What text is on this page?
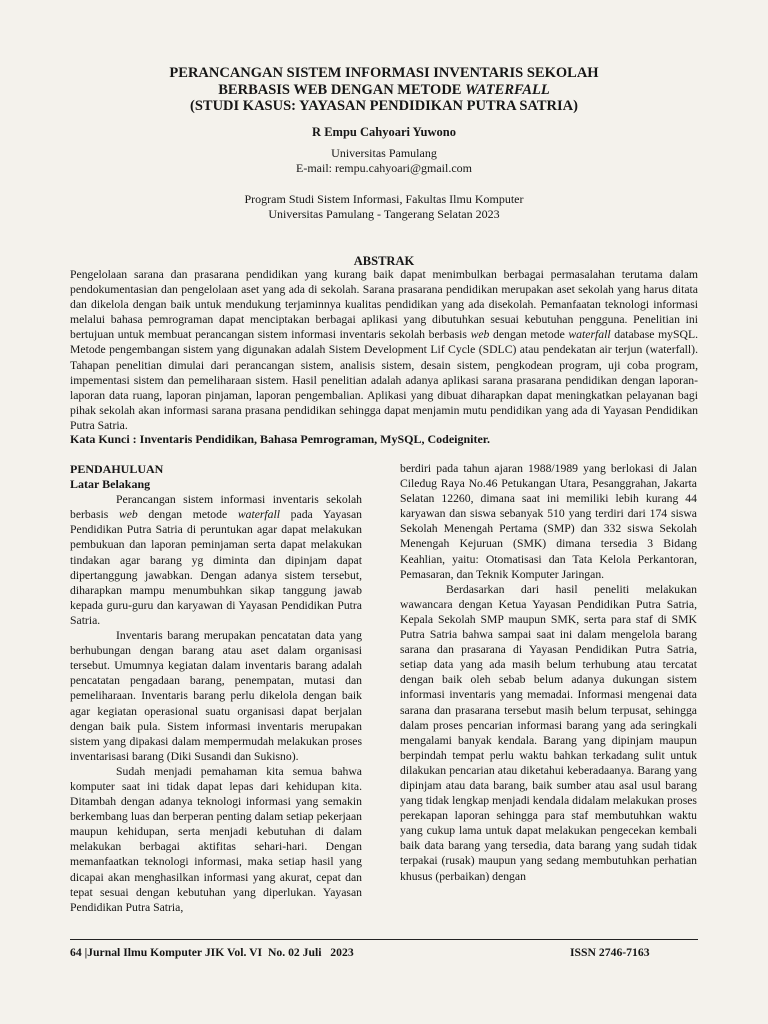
PERANCANGAN SISTEM INFORMASI INVENTARIS SEKOLAH
BERBASIS WEB DENGAN METODE WATERFALL
(STUDI KASUS: YAYASAN PENDIDIKAN PUTRA SATRIA)
R Empu Cahyoari Yuwono
Universitas Pamulang
E-mail: rempu.cahyoari@gmail.com
Program Studi Sistem Informasi, Fakultas Ilmu Komputer
Universitas Pamulang - Tangerang Selatan 2023
ABSTRAK
Pengelolaan sarana dan prasarana pendidikan yang kurang baik dapat menimbulkan berbagai permasalahan terutama dalam pendokumentasian dan pengelolaan aset yang ada di sekolah. Sarana prasarana pendidikan merupakan aset sekolah yang harus ditata dan dikelola dengan baik untuk mendukung terjaminnya kualitas pendidikan yang ada disekolah. Pemanfaatan teknologi informasi melalui bahasa pemrograman dapat menciptakan berbagai aplikasi yang dibutuhkan sesuai kebutuhan pengguna. Penelitian ini bertujuan untuk membuat perancangan sistem informasi inventaris sekolah berbasis web dengan metode waterfall database mySQL. Metode pengembangan sistem yang digunakan adalah Sistem Development Lif Cycle (SDLC) atau pendekatan air terjun (waterfall). Tahapan penelitian dimulai dari perancangan sistem, analisis sistem, desain sistem, pengkodean program, uji coba program, impementasi sistem dan pemeliharaan sistem. Hasil penelitian adalah adanya aplikasi sarana prasarana pendidikan dengan laporan-laporan data ruang, laporan pinjaman, laporan pengembalian. Aplikasi yang dibuat diharapkan dapat meningkatkan pelayanan bagi pihak sekolah akan informasi sarana prasana pendidikan sehingga dapat menjamin mutu pendidikan yang ada di Yayasan Pendidikan Putra Satria.
Kata Kunci : Inventaris Pendidikan, Bahasa Pemrograman, MySQL, Codeigniter.
PENDAHULUAN
Latar Belakang

Perancangan sistem informasi inventaris sekolah berbasis web dengan metode waterfall pada Yayasan Pendidikan Putra Satria di peruntukan agar dapat melakukan pembukuan dan laporan peminjaman serta dapat melakukan tindakan agar barang yg diminta dan dipinjam dapat dipertanggung jawabkan. Dengan adanya sistem tersebut, diharapkan mampu menumbuhkan sikap tanggung jawab kepada guru-guru dan karyawan di Yayasan Pendidikan Putra Satria.

Inventaris barang merupakan pencatatan data yang berhubungan dengan barang atau aset dalam organisasi tersebut. Umumnya kegiatan dalam inventaris barang adalah pencatatan pengadaan barang, penempatan, mutasi dan pemeliharaan. Inventaris barang perlu dikelola dengan baik agar kegiatan operasional suatu organisasi dapat berjalan dengan baik pula. Sistem informasi inventaris merupakan sistem yang dipakasi dalam mempermudah melakukan proses inventarisasi barang (Diki Susandi dan Sukisno).

Sudah menjadi pemahaman kita semua bahwa komputer saat ini tidak dapat lepas dari kehidupan kita. Ditambah dengan adanya teknologi informasi yang semakin berkembang luas dan berperan penting dalam setiap pekerjaan maupun kehidupan, serta menjadi kebutuhan di dalam melakukan berbagai aktifitas sehari-hari. Dengan memanfaatkan teknologi informasi, maka setiap hasil yang dicapai akan menghasilkan informasi yang akurat, cepat dan tepat sesuai dengan kebutuhan yang diperlukan. Yayasan Pendidikan Putra Satria,

berdiri pada tahun ajaran 1988/1989 yang berlokasi di Jalan Ciledug Raya No.46 Petukangan Utara, Pesanggrahan, Jakarta Selatan 12260, dimana saat ini memiliki lebih kurang 44 karyawan dan siswa sebanyak 510 yang terdiri dari 174 siswa Sekolah Menengah Pertama (SMP) dan 332 siswa Sekolah Menengah Kejuruan (SMK) dimana tersedia 3 Bidang Keahlian, yaitu: Otomatisasi dan Tata Kelola Perkantoran, Pemasaran, dan Teknik Komputer Jaringan.

Berdasarkan dari hasil peneliti melakukan wawancara dengan Ketua Yayasan Pendidikan Putra Satria, Kepala Sekolah SMP maupun SMK, serta para staf di SMK Putra Satria bahwa sampai saat ini dalam mengelola barang sarana dan prasarana di Yayasan Pendidikan Putra Satria, setiap data yang ada masih belum terhubung atau tercatat dengan baik oleh sebab belum adanya dukungan sistem informasi inventaris yang memadai. Informasi mengenai data sarana dan prasarana tersebut masih belum terpusat, sehingga dalam proses pencarian informasi barang yang ada seringkali mengalami banyak kendala. Barang yang dipinjam maupun berpindah tempat perlu waktu bahkan terkadang sulit untuk dilakukan pencarian atau diketahui keberadaanya. Barang yang dipinjam atau data barang, baik sumber atau asal usul barang yang tidak lengkap menjadi kendala didalam melakukan proses perekapan laporan sehingga para staf membutuhkan waktu yang cukup lama untuk dapat melakukan pengecekan kembali baik data barang yang tersedia, data barang yang sudah tidak terpakai (rusak) maupun yang sedang membutuhkan perhatian khusus (perbaikan) dengan

64 |Jurnal Ilmu Komputer JIK Vol. VI  No. 02 Juli   2023	ISSN 2746-7163
